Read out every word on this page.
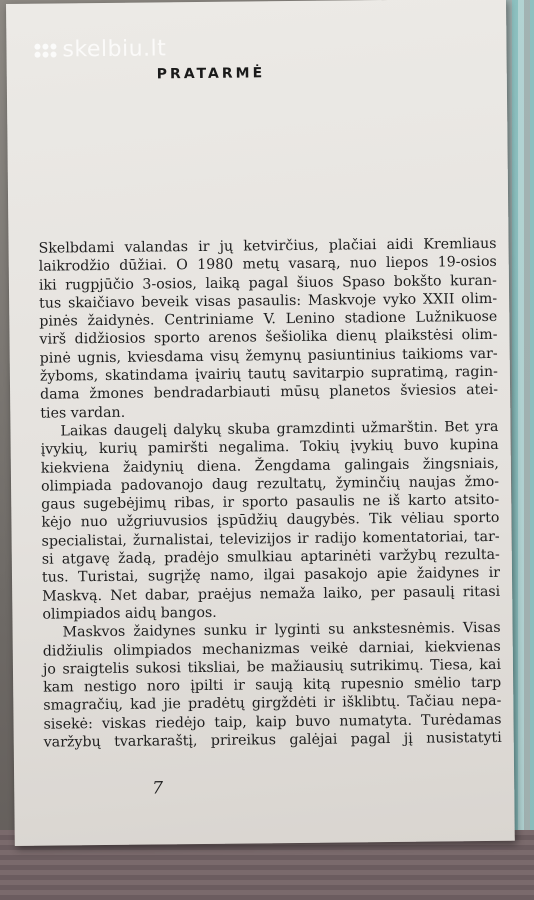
skelbiu.lt
PRATARMĖ
Skelbdami valandas ir jų ketvirčius, plačiai aidi Kremliaus
laikrodžio dūžiai. O 1980 metų vasarą, nuo liepos 19-osios
iki rugpjūčio 3-osios, laiką pagal šiuos Spaso bokšto kuran-
tus skaičiavo beveik visas pasaulis: Maskvoje vyko XXII olim-
pinės žaidynės. Centriniame V. Lenino stadione Lužnikuose
virš didžiosios sporto arenos šešiolika dienų plaikstėsi olim-
pinė ugnis, kviesdama visų žemynų pasiuntinius taikioms var-
žyboms, skatindama įvairių tautų savitarpio supratimą, ragin-
dama žmones bendradarbiauti mūsų planetos šviesios atei-
ties vardan.
Laikas daugelį dalykų skuba gramzdinti užmarštin. Bet yra
įvykių, kurių pamiršti negalima. Tokių įvykių buvo kupina
kiekviena žaidynių diena. Žengdama galingais žingsniais,
olimpiada padovanojo daug rezultatų, žyminčių naujas žmo-
gaus sugebėjimų ribas, ir sporto pasaulis ne iš karto atsito-
kėjo nuo užgriuvusios įspūdžių daugybės. Tik vėliau sporto
specialistai, žurnalistai, televizijos ir radijo komentatoriai, tar-
si atgavę žadą, pradėjo smulkiau aptarinėti varžybų rezulta-
tus. Turistai, sugrįžę namo, ilgai pasakojo apie žaidynes ir
Maskvą. Net dabar, praėjus nemaža laiko, per pasaulį ritasi
olimpiados aidų bangos.
Maskvos žaidynes sunku ir lyginti su ankstesnėmis. Visas
didžiulis olimpiados mechanizmas veikė darniai, kiekvienas
jo sraigtelis sukosi tiksliai, be mažiausių sutrikimų. Tiesa, kai
kam nestigo noro įpilti ir saują kitą rupesnio smėlio tarp
smagračių, kad jie pradėtų girgždėti ir išklibtų. Tačiau nepa-
sisekė: viskas riedėjo taip, kaip buvo numatyta. Turėdamas
varžybų tvarkaraštį, prireikus galėjai pagal jį nusistatyti
7
